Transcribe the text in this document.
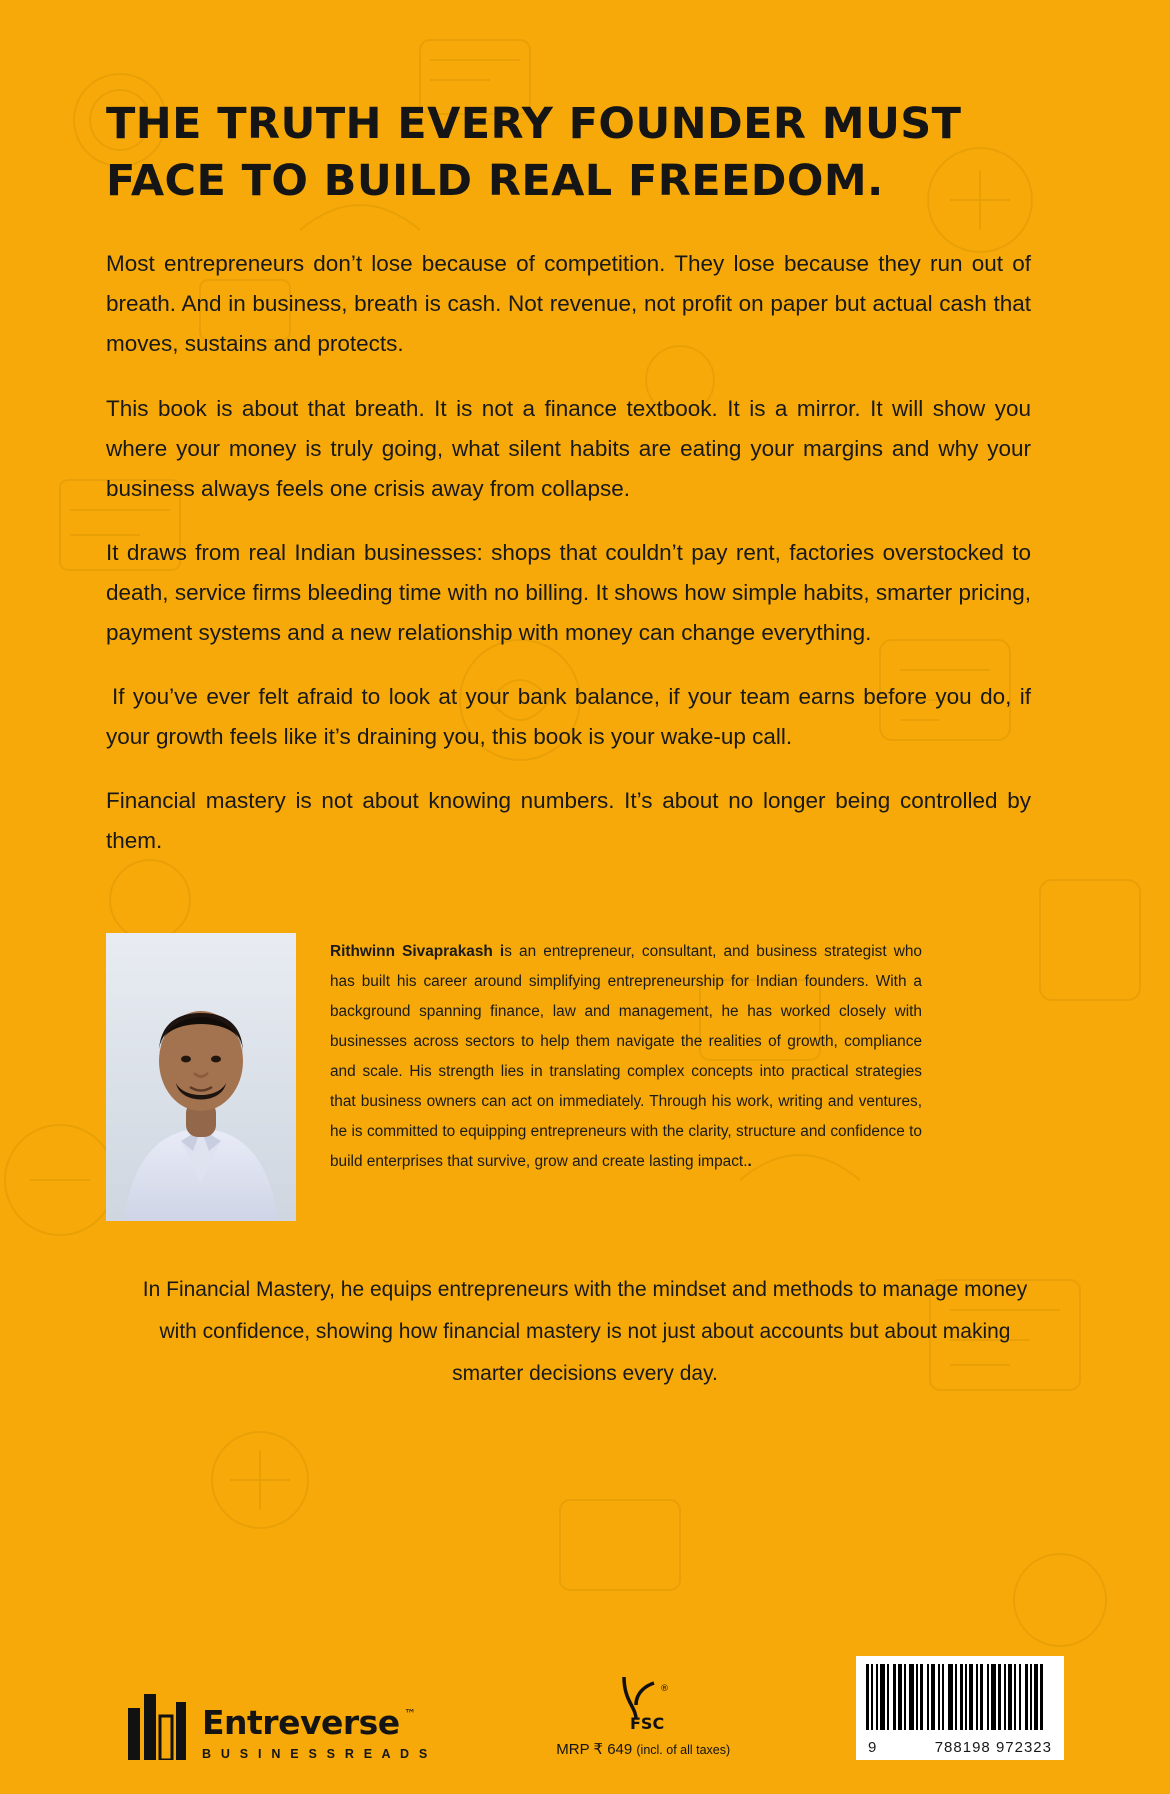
THE TRUTH EVERY FOUNDER MUST FACE TO BUILD REAL FREEDOM.

Most entrepreneurs don’t lose because of competition. They lose because they run out of breath. And in business, breath is cash. Not revenue, not profit on paper but actual cash that moves, sustains and protects.

This book is about that breath. It is not a finance textbook. It is a mirror. It will show you where your money is truly going, what silent habits are eating your margins and why your business always feels one crisis away from collapse.

It draws from real Indian businesses: shops that couldn’t pay rent, factories overstocked to death, service firms bleeding time with no billing. It shows how simple habits, smarter pricing, payment systems and a new relationship with money can change everything.

If you’ve ever felt afraid to look at your bank balance, if your team earns before you do, if your growth feels like it’s draining you, this book is your wake-up call.

Financial mastery is not about knowing numbers. It’s about no longer being controlled by them.

Rithwinn Sivaprakash is an entrepreneur, consultant, and business strategist who has built his career around simplifying entrepreneurship for Indian founders. With a background spanning finance, law and management, he has worked closely with businesses across sectors to help them navigate the realities of growth, compliance and scale. His strength lies in translating complex concepts into practical strategies that business owners can act on immediately. Through his work, writing and ventures, he is committed to equipping entrepreneurs with the clarity, structure and confidence to build enterprises that survive, grow and create lasting impact..
In Financial Mastery, he equips entrepreneurs with the mindset and methods to manage money with confidence, showing how financial mastery is not just about accounts but about making smarter decisions every day.
Entreverse ™
B U S I N E S S R E A D S
FSC
®
MRP ₹ 649 (incl. of all taxes)	9	788198 972323
